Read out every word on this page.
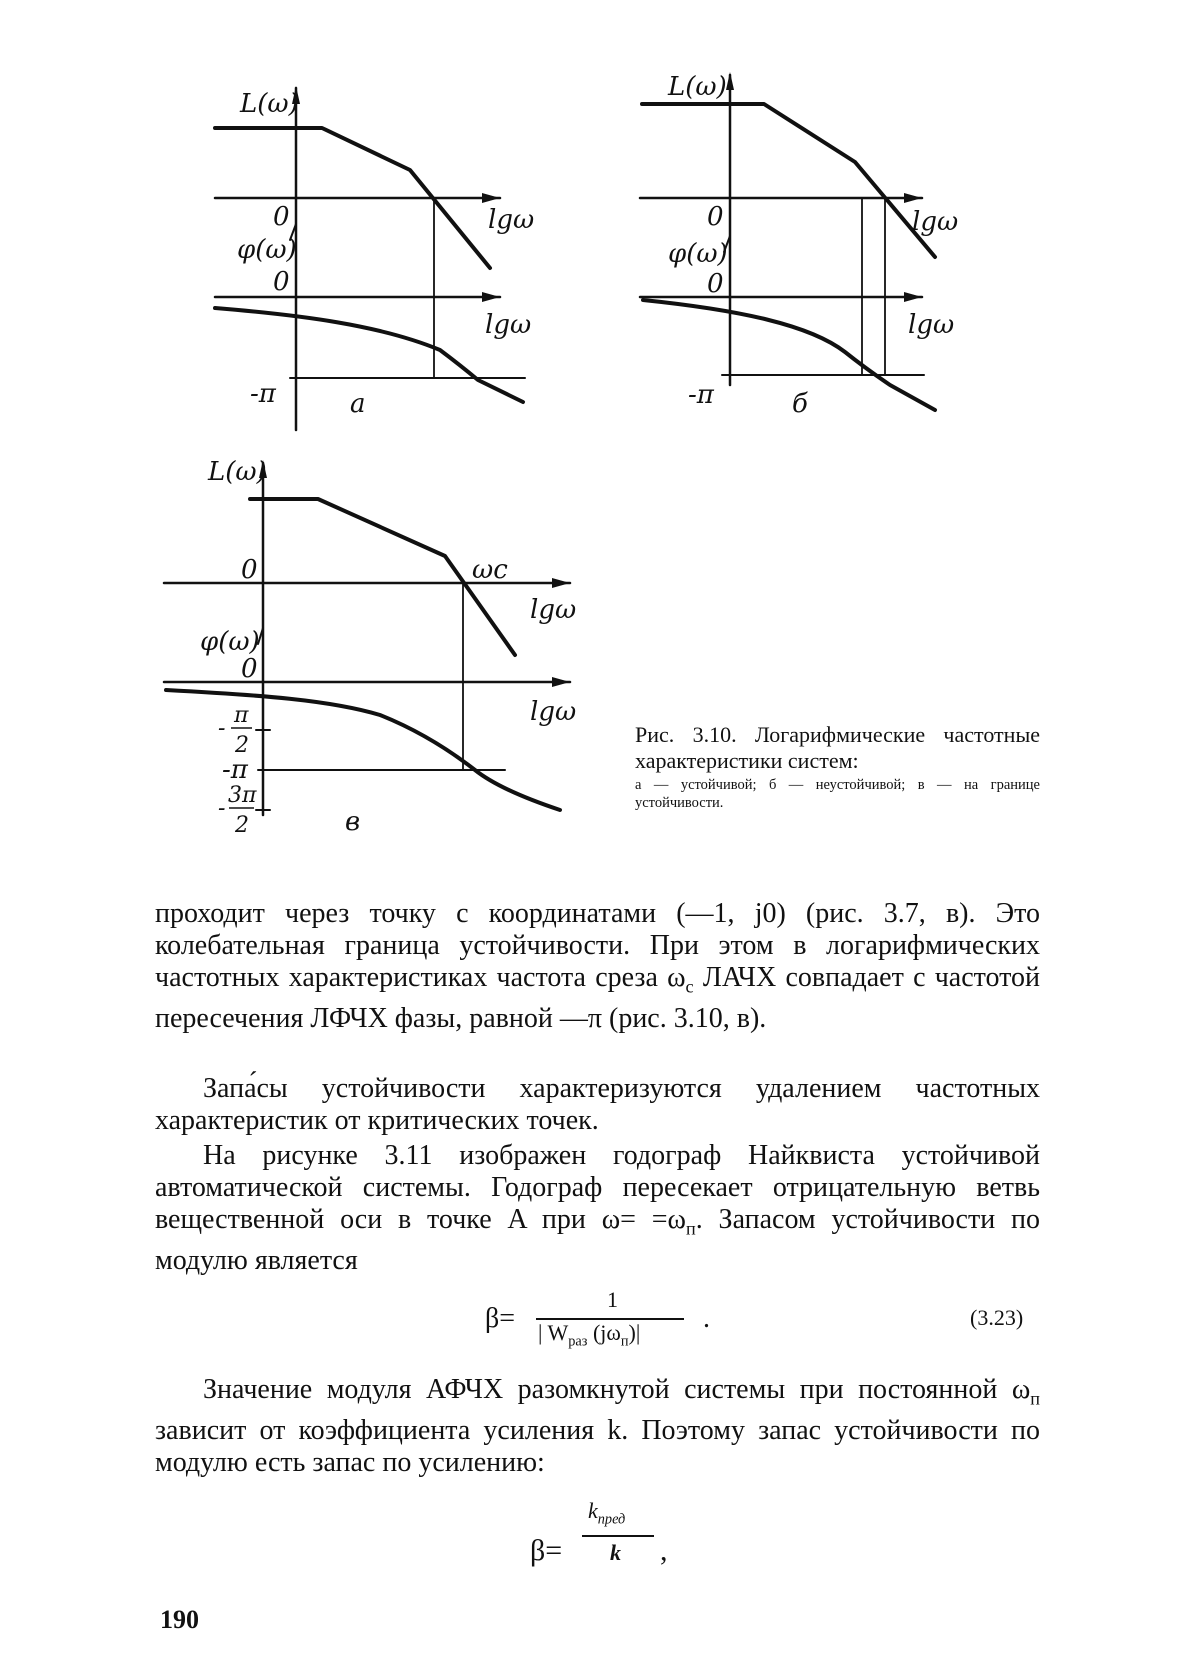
L(ω)
0
φ(ω)
0
lgω
lgω
-π	a
L(ω)
0
φ(ω)
0
lgω
lgω
-π	б
L(ω)
0	ωc
lgω
φ(ω)
0
lgω
-π
в
-
π
2
-
3π
2

Рис. 3.10. Логарифмические частотные характеристики систем:

а — устойчивой; б — неустойчивой; в — на границе устойчивости.

проходит через точку с координатами (—1, j0) (рис. 3.7, в). Это колебательная граница устойчивости. При этом в логарифмических частотных характеристиках частота среза $\omega_с$ ЛАЧХ совпадает с частотой пересечения ЛФЧХ фазы, равной —π (рис. 3.10, в).

Запа́сы устойчивости характеризуются удалением частотных характеристик от критических точек.

На рисунке 3.11 изображен годограф Найквиста устойчивой автоматической системы. Годограф пересекает отрицательную ветвь вещественной оси в точке A при $\omega= =\omega_п$. Запасом устойчивости по модулю является

β=
1
| $W_{раз}$ $(j\omega_п)|$ .	(3.23)

Значение модуля АФЧХ разомкнутой системы при постоянной $\omega_п$ зависит от коэффициента усиления k. Поэтому запас устойчивости по модулю есть запас по усилению:

β=
$k_{пред}$
k ,
190
